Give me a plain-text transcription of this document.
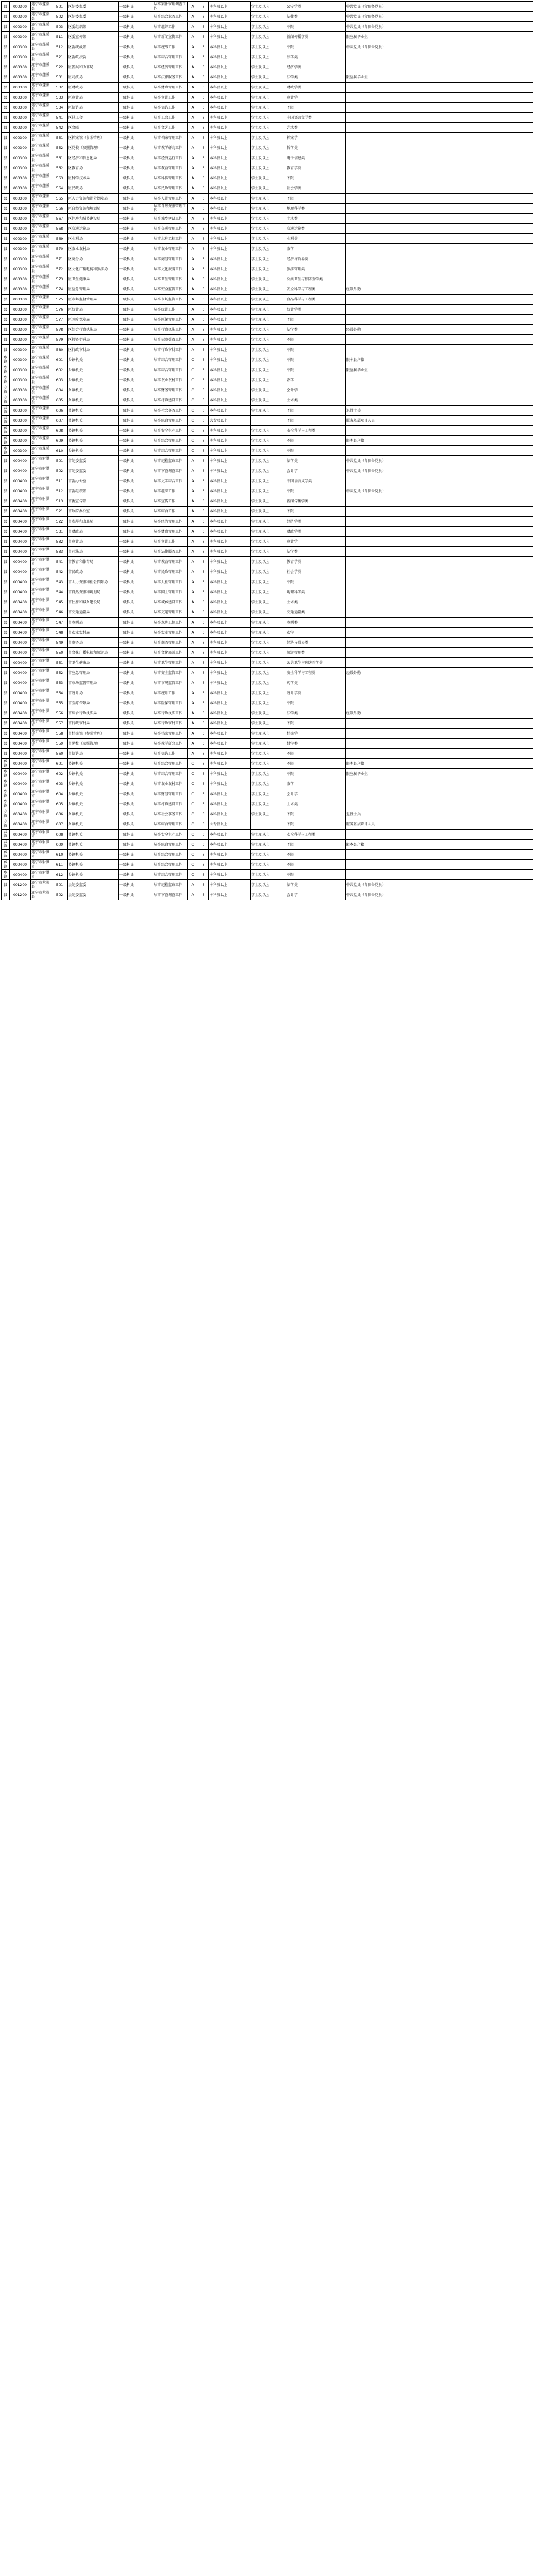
县	000300	遂宁市蓬溪县	501	区纪委监委	一级科员	从事案件审理调查工作	A	3	本科及以上	学士及以上	公安学类	中共党员（含预备党员）
县	000300	遂宁市蓬溪县	502	区纪委监委	一级科员	从事综合业务工作	A	3	本科及以上	学士及以上	法律类	中共党员（含预备党员）
县	000300	遂宁市蓬溪县	503	区委组织部	一级科员	从事组织工作	A	3	本科及以上	学士及以上	不限	中共党员（含预备党员）
县	000300	遂宁市蓬溪县	511	区委宣传部	一级科员	从事新闻宣传工作	A	3	本科及以上	学士及以上	新闻传播学类	限应届毕业生
县	000300	遂宁市蓬溪县	512	区委统战部	一级科员	从事统战工作	A	3	本科及以上	学士及以上	不限	中共党员（含预备党员）
县	000300	遂宁市蓬溪县	521	区委政法委	一级科员	从事综合管理工作	A	3	本科及以上	学士及以上	法学类	
县	000300	遂宁市蓬溪县	522	区发展和改革局	一级科员	从事经济管理工作	A	3	本科及以上	学士及以上	经济学类	
县	000300	遂宁市蓬溪县	531	区司法局	一级科员	从事法律服务工作	A	3	本科及以上	学士及以上	法学类	限应届毕业生
县	000300	遂宁市蓬溪县	532	区财政局	一级科员	从事财政管理工作	A	3	本科及以上	学士及以上	财政学类	
县	000300	遂宁市蓬溪县	533	区审计局	一级科员	从事审计工作	A	3	本科及以上	学士及以上	审计学	
县	000300	遂宁市蓬溪县	534	区信访局	一级科员	从事信访工作	A	3	本科及以上	学士及以上	不限	
县	000300	遂宁市蓬溪县	541	区总工会	一级科员	从事工会工作	A	3	本科及以上	学士及以上	中国语言文学类	
县	000300	遂宁市蓬溪县	542	区文联	一级科员	从事文艺工作	A	3	本科及以上	学士及以上	艺术类	
县	000300	遂宁市蓬溪县	551	区档案馆（参照管理）	一级科员	从事档案管理工作	A	3	本科及以上	学士及以上	档案学	
县	000300	遂宁市蓬溪县	552	区党校（参照管理）	一级科员	从事教学研究工作	A	3	本科及以上	学士及以上	哲学类	
县	000300	遂宁市蓬溪县	561	区经济和信息化局	一级科员	从事经济运行工作	A	3	本科及以上	学士及以上	电子信息类	
县	000300	遂宁市蓬溪县	562	区教育局	一级科员	从事教育管理工作	A	3	本科及以上	学士及以上	教育学类	
县	000300	遂宁市蓬溪县	563	区科学技术局	一级科员	从事科技管理工作	A	3	本科及以上	学士及以上	不限	
县	000300	遂宁市蓬溪县	564	区民政局	一级科员	从事民政管理工作	A	3	本科及以上	学士及以上	社会学类	
县	000300	遂宁市蓬溪县	565	区人力资源和社会保障局	一级科员	从事人社管理工作	A	3	本科及以上	学士及以上	不限	
县	000300	遂宁市蓬溪县	566	区自然资源和规划局	一级科员	从事自然资源管理工作	A	3	本科及以上	学士及以上	地理科学类	
县	000300	遂宁市蓬溪县	567	区住房和城乡建设局	一级科员	从事城乡建设工作	A	3	本科及以上	学士及以上	土木类	
县	000300	遂宁市蓬溪县	568	区交通运输局	一级科员	从事交通管理工作	A	3	本科及以上	学士及以上	交通运输类	
县	000300	遂宁市蓬溪县	569	区水利局	一级科员	从事水利工程工作	A	3	本科及以上	学士及以上	水利类	
县	000300	遂宁市蓬溪县	570	区农业农村局	一级科员	从事农业管理工作	A	3	本科及以上	学士及以上	农学	
县	000300	遂宁市蓬溪县	571	区商务局	一级科员	从事商务管理工作	A	3	本科及以上	学士及以上	经济与贸易类	
县	000300	遂宁市蓬溪县	572	区文化广播电视和旅游局	一级科员	从事文化旅游工作	A	3	本科及以上	学士及以上	旅游管理类	
县	000300	遂宁市蓬溪县	573	区卫生健康局	一级科员	从事卫生管理工作	A	3	本科及以上	学士及以上	公共卫生与预防医学类	
县	000300	遂宁市蓬溪县	574	区应急管理局	一级科员	从事安全监管工作	A	3	本科及以上	学士及以上	安全科学与工程类	经常外勤
县	000300	遂宁市蓬溪县	575	区市场监督管理局	一级科员	从事市场监管工作	A	3	本科及以上	学士及以上	食品科学与工程类	
县	000300	遂宁市蓬溪县	576	区统计局	一级科员	从事统计工作	A	3	本科及以上	学士及以上	统计学类	
县	000300	遂宁市蓬溪县	577	区医疗保障局	一级科员	从事医保管理工作	A	3	本科及以上	学士及以上	不限	
县	000300	遂宁市蓬溪县	578	区综合行政执法局	一级科员	从事行政执法工作	A	3	本科及以上	学士及以上	法学类	经常外勤
县	000300	遂宁市蓬溪县	579	区投资促进局	一级科员	从事招商引资工作	A	3	本科及以上	学士及以上	不限	
县	000300	遂宁市蓬溪县	580	区行政审批局	一级科员	从事行政审批工作	A	3	本科及以上	学士及以上	不限	
乡镇	000300	遂宁市蓬溪县	601	乡镇机关	一级科员	从事综合管理工作	C	3	本科及以上	学士及以上	不限	限本县户籍
乡镇	000300	遂宁市蓬溪县	602	乡镇机关	一级科员	从事综合管理工作	C	3	本科及以上	学士及以上	不限	限应届毕业生
乡镇	000300	遂宁市蓬溪县	603	乡镇机关	一级科员	从事农业农村工作	C	3	本科及以上	学士及以上	农学	
乡镇	000300	遂宁市蓬溪县	604	乡镇机关	一级科员	从事财务管理工作	C	3	本科及以上	学士及以上	会计学	
乡镇	000300	遂宁市蓬溪县	605	乡镇机关	一级科员	从事村镇建设工作	C	3	本科及以上	学士及以上	土木类	
乡镇	000300	遂宁市蓬溪县	606	乡镇机关	一级科员	从事社会事务工作	C	3	本科及以上	学士及以上	不限	退役士兵
乡镇	000300	遂宁市蓬溪县	607	乡镇机关	一级科员	从事综合管理工作	C	3	大专及以上		不限	服务基层项目人员
乡镇	000300	遂宁市蓬溪县	608	乡镇机关	一级科员	从事安全生产工作	C	3	本科及以上	学士及以上	安全科学与工程类	
乡镇	000300	遂宁市蓬溪县	609	乡镇机关	一级科员	从事综合管理工作	C	3	本科及以上	学士及以上	不限	限本县户籍
乡镇	000300	遂宁市蓬溪县	610	乡镇机关	一级科员	从事综合管理工作	C	3	本科及以上	学士及以上	不限	
县	000400	遂宁市射洪市	501	市纪委监委	一级科员	从事纪检监察工作	A	3	本科及以上	学士及以上	法学类	中共党员（含预备党员）
县	000400	遂宁市射洪市	502	市纪委监委	一级科员	从事审查调查工作	A	3	本科及以上	学士及以上	会计学	中共党员（含预备党员）
县	000400	遂宁市射洪市	511	市委办公室	一级科员	从事文字综合工作	A	3	本科及以上	学士及以上	中国语言文学类	
县	000400	遂宁市射洪市	512	市委组织部	一级科员	从事组织工作	A	3	本科及以上	学士及以上	不限	中共党员（含预备党员）
县	000400	遂宁市射洪市	513	市委宣传部	一级科员	从事宣传工作	A	3	本科及以上	学士及以上	新闻传播学类	
县	000400	遂宁市射洪市	521	市政府办公室	一级科员	从事综合工作	A	3	本科及以上	学士及以上	不限	
县	000400	遂宁市射洪市	522	市发展和改革局	一级科员	从事经济管理工作	A	3	本科及以上	学士及以上	经济学类	
县	000400	遂宁市射洪市	531	市财政局	一级科员	从事财政管理工作	A	3	本科及以上	学士及以上	财政学类	
县	000400	遂宁市射洪市	532	市审计局	一级科员	从事审计工作	A	3	本科及以上	学士及以上	审计学	
县	000400	遂宁市射洪市	533	市司法局	一级科员	从事法律服务工作	A	3	本科及以上	学士及以上	法学类	
县	000400	遂宁市射洪市	541	市教育和体育局	一级科员	从事教育管理工作	A	3	本科及以上	学士及以上	教育学类	
县	000400	遂宁市射洪市	542	市民政局	一级科员	从事民政管理工作	A	3	本科及以上	学士及以上	社会学类	
县	000400	遂宁市射洪市	543	市人力资源和社会保障局	一级科员	从事人社管理工作	A	3	本科及以上	学士及以上	不限	
县	000400	遂宁市射洪市	544	市自然资源和规划局	一级科员	从事国土管理工作	A	3	本科及以上	学士及以上	地理科学类	
县	000400	遂宁市射洪市	545	市住房和城乡建设局	一级科员	从事城乡建设工作	A	3	本科及以上	学士及以上	土木类	
县	000400	遂宁市射洪市	546	市交通运输局	一级科员	从事交通管理工作	A	3	本科及以上	学士及以上	交通运输类	
县	000400	遂宁市射洪市	547	市水利局	一级科员	从事水利工程工作	A	3	本科及以上	学士及以上	水利类	
县	000400	遂宁市射洪市	548	市农业农村局	一级科员	从事农业管理工作	A	3	本科及以上	学士及以上	农学	
县	000400	遂宁市射洪市	549	市商务局	一级科员	从事商务管理工作	A	3	本科及以上	学士及以上	经济与贸易类	
县	000400	遂宁市射洪市	550	市文化广播电视和旅游局	一级科员	从事文化旅游工作	A	3	本科及以上	学士及以上	旅游管理类	
县	000400	遂宁市射洪市	551	市卫生健康局	一级科员	从事卫生管理工作	A	3	本科及以上	学士及以上	公共卫生与预防医学类	
县	000400	遂宁市射洪市	552	市应急管理局	一级科员	从事安全监管工作	A	3	本科及以上	学士及以上	安全科学与工程类	经常外勤
县	000400	遂宁市射洪市	553	市市场监督管理局	一级科员	从事市场监管工作	A	3	本科及以上	学士及以上	药学类	
县	000400	遂宁市射洪市	554	市统计局	一级科员	从事统计工作	A	3	本科及以上	学士及以上	统计学类	
县	000400	遂宁市射洪市	555	市医疗保障局	一级科员	从事医保管理工作	A	3	本科及以上	学士及以上	不限	
县	000400	遂宁市射洪市	556	市综合行政执法局	一级科员	从事行政执法工作	A	3	本科及以上	学士及以上	法学类	经常外勤
县	000400	遂宁市射洪市	557	市行政审批局	一级科员	从事行政审批工作	A	3	本科及以上	学士及以上	不限	
县	000400	遂宁市射洪市	558	市档案馆（参照管理）	一级科员	从事档案管理工作	A	3	本科及以上	学士及以上	档案学	
县	000400	遂宁市射洪市	559	市党校（参照管理）	一级科员	从事教学研究工作	A	3	本科及以上	学士及以上	哲学类	
县	000400	遂宁市射洪市	560	市信访局	一级科员	从事信访工作	A	3	本科及以上	学士及以上	不限	
乡镇	000400	遂宁市射洪市	601	乡镇机关	一级科员	从事综合管理工作	C	3	本科及以上	学士及以上	不限	限本县户籍
乡镇	000400	遂宁市射洪市	602	乡镇机关	一级科员	从事综合管理工作	C	3	本科及以上	学士及以上	不限	限应届毕业生
乡镇	000400	遂宁市射洪市	603	乡镇机关	一级科员	从事农业农村工作	C	3	本科及以上	学士及以上	农学	
乡镇	000400	遂宁市射洪市	604	乡镇机关	一级科员	从事财务管理工作	C	3	本科及以上	学士及以上	会计学	
乡镇	000400	遂宁市射洪市	605	乡镇机关	一级科员	从事村镇建设工作	C	3	本科及以上	学士及以上	土木类	
乡镇	000400	遂宁市射洪市	606	乡镇机关	一级科员	从事社会事务工作	C	3	本科及以上	学士及以上	不限	退役士兵
乡镇	000400	遂宁市射洪市	607	乡镇机关	一级科员	从事综合管理工作	C	3	大专及以上		不限	服务基层项目人员
乡镇	000400	遂宁市射洪市	608	乡镇机关	一级科员	从事安全生产工作	C	3	本科及以上	学士及以上	安全科学与工程类	
乡镇	000400	遂宁市射洪市	609	乡镇机关	一级科员	从事综合管理工作	C	3	本科及以上	学士及以上	不限	限本县户籍
乡镇	000400	遂宁市射洪市	610	乡镇机关	一级科员	从事综合管理工作	C	3	本科及以上	学士及以上	不限	
乡镇	000400	遂宁市射洪市	611	乡镇机关	一级科员	从事综合管理工作	C	3	本科及以上	学士及以上	不限	
乡镇	000400	遂宁市射洪市	612	乡镇机关	一级科员	从事综合管理工作	C	3	本科及以上	学士及以上	不限	
县	001200	遂宁市大英县	501	县纪委监委	一级科员	从事纪检监察工作	A	3	本科及以上	学士及以上	法学类	中共党员（含预备党员）
县	001200	遂宁市大英县	502	县纪委监委	一级科员	从事审查调查工作	A	3	本科及以上	学士及以上	会计学	中共党员（含预备党员）
